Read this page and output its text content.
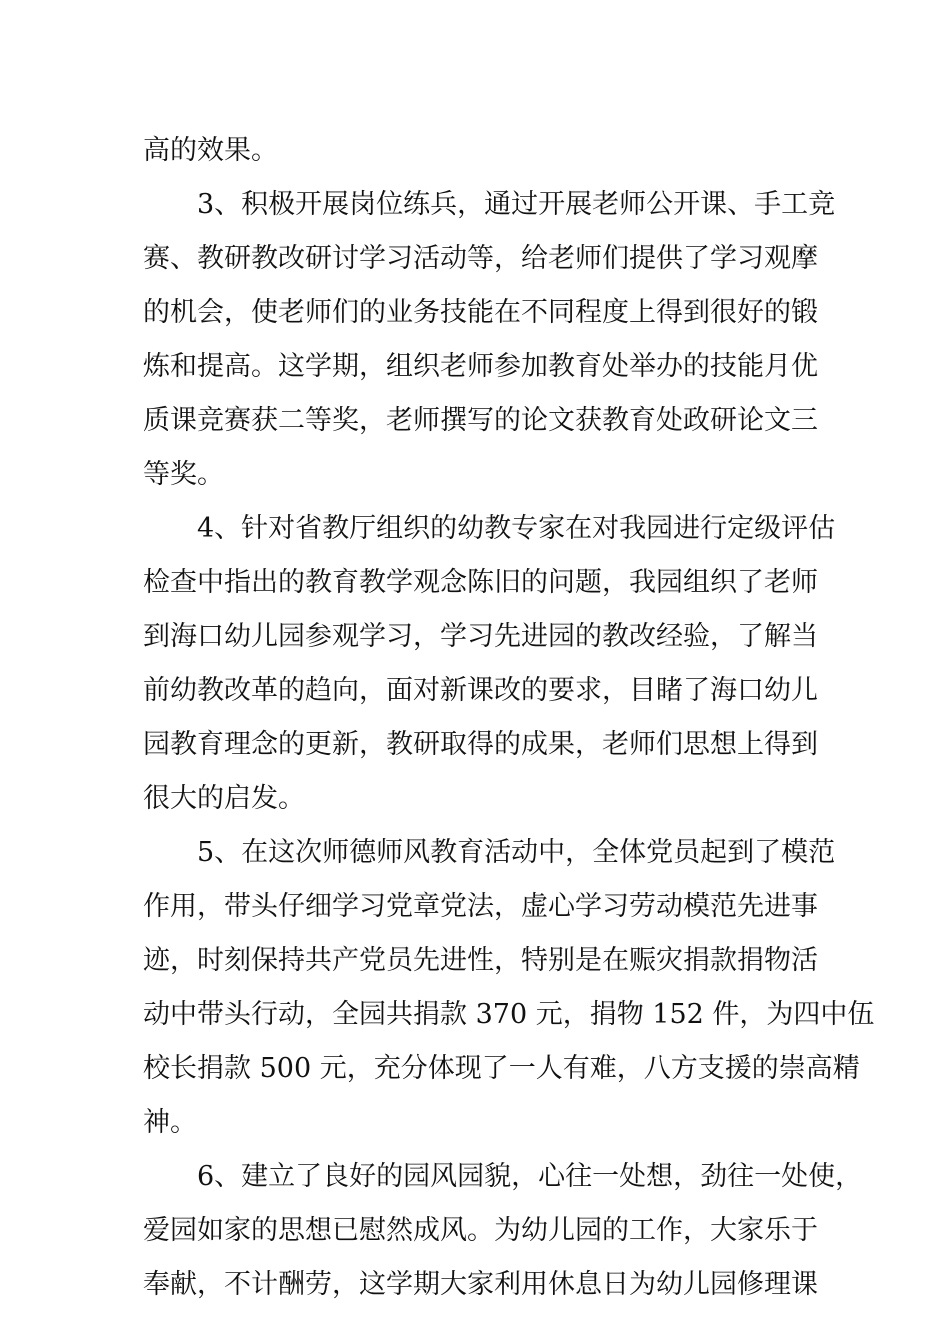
高的效果。
3、积极开展岗位练兵，通过开展老师公开课、手工竞
赛、教研教改研讨学习活动等，给老师们提供了学习观摩
的机会，使老师们的业务技能在不同程度上得到很好的锻
炼和提高。这学期，组织老师参加教育处举办的技能月优
质课竞赛获二等奖，老师撰写的论文获教育处政研论文三
等奖。
4、针对省教厅组织的幼教专家在对我园进行定级评估
检查中指出的教育教学观念陈旧的问题，我园组织了老师
到海口幼儿园参观学习，学习先进园的教改经验，了解当
前幼教改革的趋向，面对新课改的要求，目睹了海口幼儿
园教育理念的更新，教研取得的成果，老师们思想上得到
很大的启发。
5、在这次师德师风教育活动中，全体党员起到了模范
作用，带头仔细学习党章党法，虚心学习劳动模范先进事
迹，时刻保持共产党员先进性，特别是在赈灾捐款捐物活
动中带头行动，全园共捐款 370 元，捐物 152 件，为四中伍
校长捐款 500 元，充分体现了一人有难，八方支援的崇高精
神。
6、建立了良好的园风园貌，心往一处想，劲往一处使，
爱园如家的思想已慰然成风。为幼儿园的工作，大家乐于
奉献，不计酬劳，这学期大家利用休息日为幼儿园修理课
